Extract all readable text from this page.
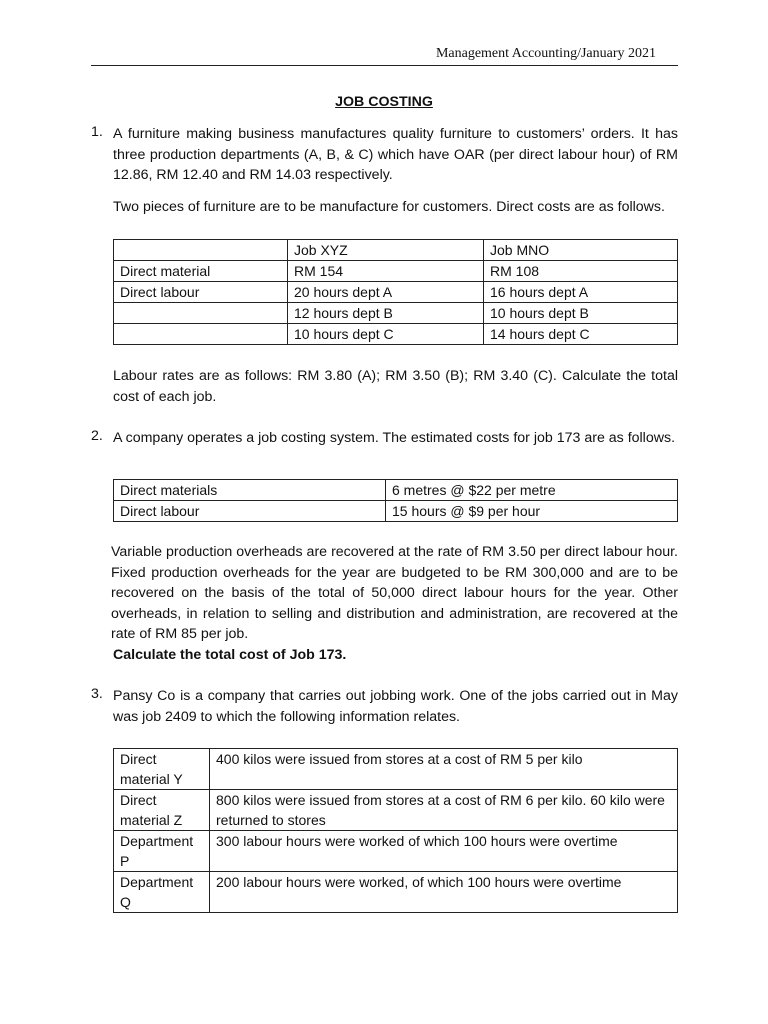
Management Accounting/January 2021
JOB COSTING
1. A furniture making business manufactures quality furniture to customers’ orders. It has three production departments (A, B, & C) which have OAR (per direct labour hour) of RM 12.86, RM 12.40 and RM 14.03 respectively.
Two pieces of furniture are to be manufacture for customers. Direct costs are as follows.
	Job XYZ	Job MNO
Direct material	RM 154	RM 108
Direct labour	20 hours dept A	16 hours dept A
	12 hours dept B	10 hours dept B
	10 hours dept C	14 hours dept C
Labour rates are as follows: RM 3.80 (A); RM 3.50 (B); RM 3.40 (C). Calculate the total cost of each job.
2. A company operates a job costing system. The estimated costs for job 173 are as follows.
Direct materials	6 metres @ $22 per metre
Direct labour	15 hours @ $9 per hour
Variable production overheads are recovered at the rate of RM 3.50 per direct labour hour. Fixed production overheads for the year are budgeted to be RM 300,000 and are to be recovered on the basis of the total of 50,000 direct labour hours for the year. Other overheads, in relation to selling and distribution and administration, are recovered at the rate of RM 85 per job.
Calculate the total cost of Job 173.
3. Pansy Co is a company that carries out jobbing work. One of the jobs carried out in May was job 2409 to which the following information relates.
Direct material Y	400 kilos were issued from stores at a cost of RM 5 per kilo
Direct material Z	800 kilos were issued from stores at a cost of RM 6 per kilo. 60 kilo were returned to stores
Department P	300 labour hours were worked of which 100 hours were overtime
Department Q	200 labour hours were worked, of which 100 hours were overtime
